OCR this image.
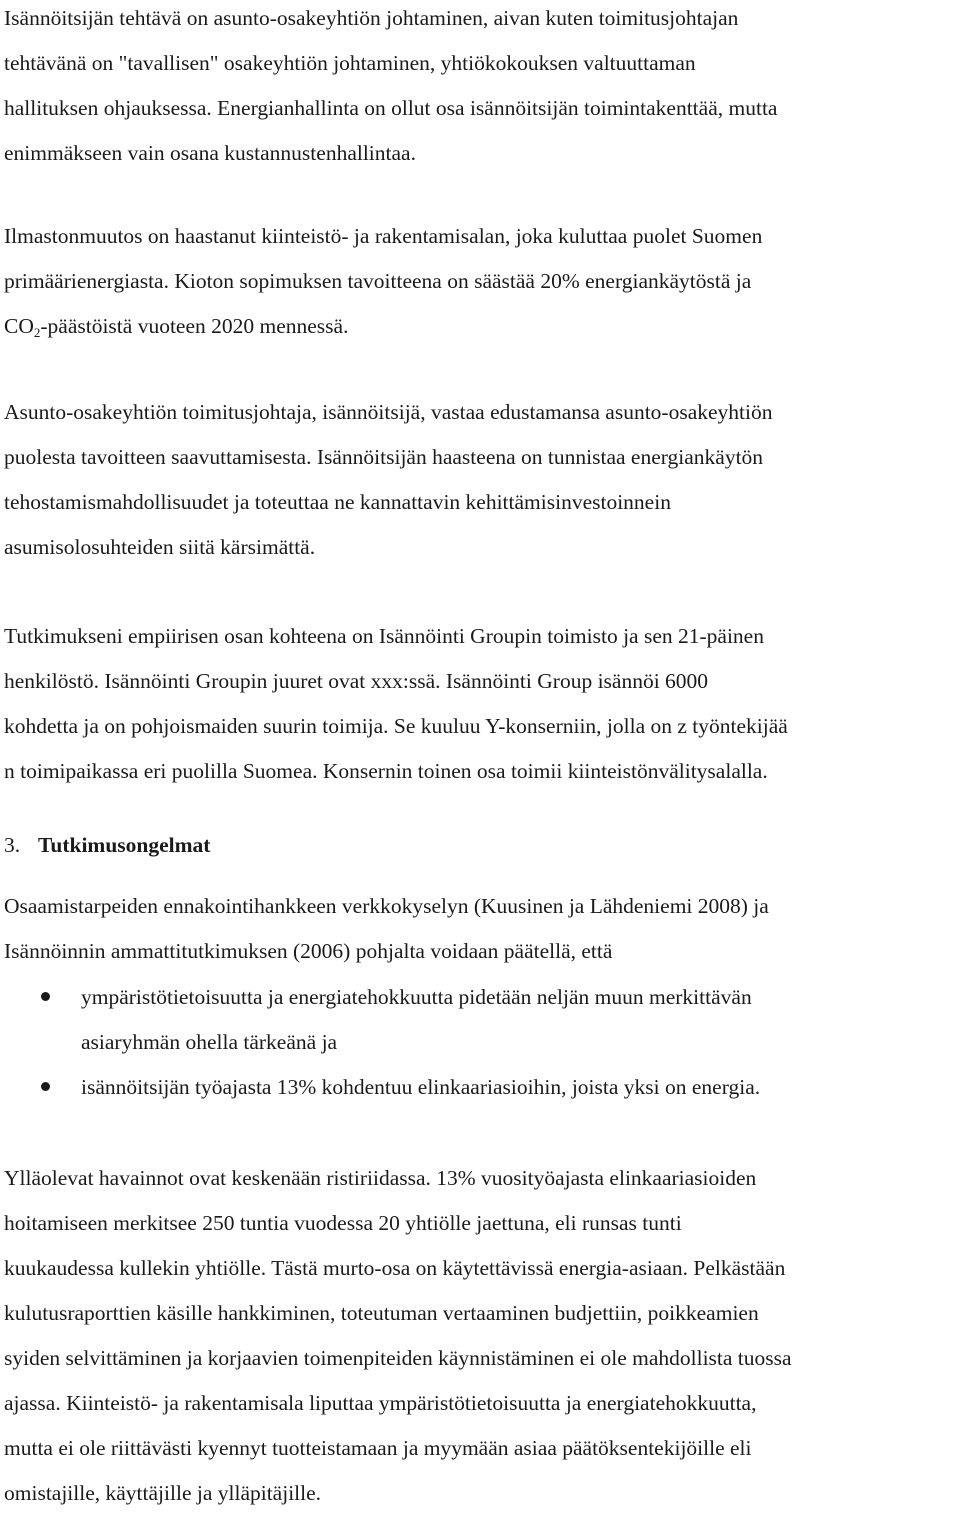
Isännöitsijän tehtävä on asunto-osakeyhtiön johtaminen, aivan kuten toimitusjohtajan
tehtävänä on "tavallisen" osakeyhtiön johtaminen, yhtiökokouksen valtuuttaman
hallituksen ohjauksessa. Energianhallinta on ollut osa isännöitsijän toimintakenttää, mutta
enimmäkseen vain osana kustannustenhallintaa.
Ilmastonmuutos on haastanut kiinteistö- ja rakentamisalan, joka kuluttaa puolet Suomen
primäärienergiasta. Kioton sopimuksen tavoitteena on säästää 20% energiankäytöstä ja
$CO_2$-päästöistä vuoteen 2020 mennessä.
Asunto-osakeyhtiön toimitusjohtaja, isännöitsijä, vastaa edustamansa asunto-osakeyhtiön
puolesta tavoitteen saavuttamisesta. Isännöitsijän haasteena on tunnistaa energiankäytön
tehostamismahdollisuudet ja toteuttaa ne kannattavin kehittämisinvestoinnein
asumisolosuhteiden siitä kärsimättä.
Tutkimukseni empiirisen osan kohteena on Isännöinti Groupin toimisto ja sen 21-päinen
henkilöstö. Isännöinti Groupin juuret ovat xxx:ssä. Isännöinti Group isännöi 6000
kohdetta ja on pohjoismaiden suurin toimija. Se kuuluu Y-konserniin, jolla on z työntekijää
n toimipaikassa eri puolilla Suomea. Konsernin toinen osa toimii kiinteistönvälitysalalla.
3. Tutkimusongelmat
Osaamistarpeiden ennakointihankkeen verkkokyselyn (Kuusinen ja Lähdeniemi 2008) ja
Isännöinnin ammattitutkimuksen (2006) pohjalta voidaan päätellä, että
ympäristötietoisuutta ja energiatehokkuutta pidetään neljän muun merkittävän
asiaryhmän ohella tärkeänä ja
isännöitsijän työajasta 13% kohdentuu elinkaariasioihin, joista yksi on energia.
Ylläolevat havainnot ovat keskenään ristiriidassa. 13% vuosityöajasta elinkaariasioiden
hoitamiseen merkitsee 250 tuntia vuodessa 20 yhtiölle jaettuna, eli runsas tunti
kuukaudessa kullekin yhtiölle. Tästä murto-osa on käytettävissä energia-asiaan. Pelkästään
kulutusraporttien käsille hankkiminen, toteutuman vertaaminen budjettiin, poikkeamien
syiden selvittäminen ja korjaavien toimenpiteiden käynnistäminen ei ole mahdollista tuossa
ajassa. Kiinteistö- ja rakentamisala liputtaa ympäristötietoisuutta ja energiatehokkuutta,
mutta ei ole riittävästi kyennyt tuotteistamaan ja myymään asiaa päätöksentekijöille eli
omistajille, käyttäjille ja ylläpitäjille.
